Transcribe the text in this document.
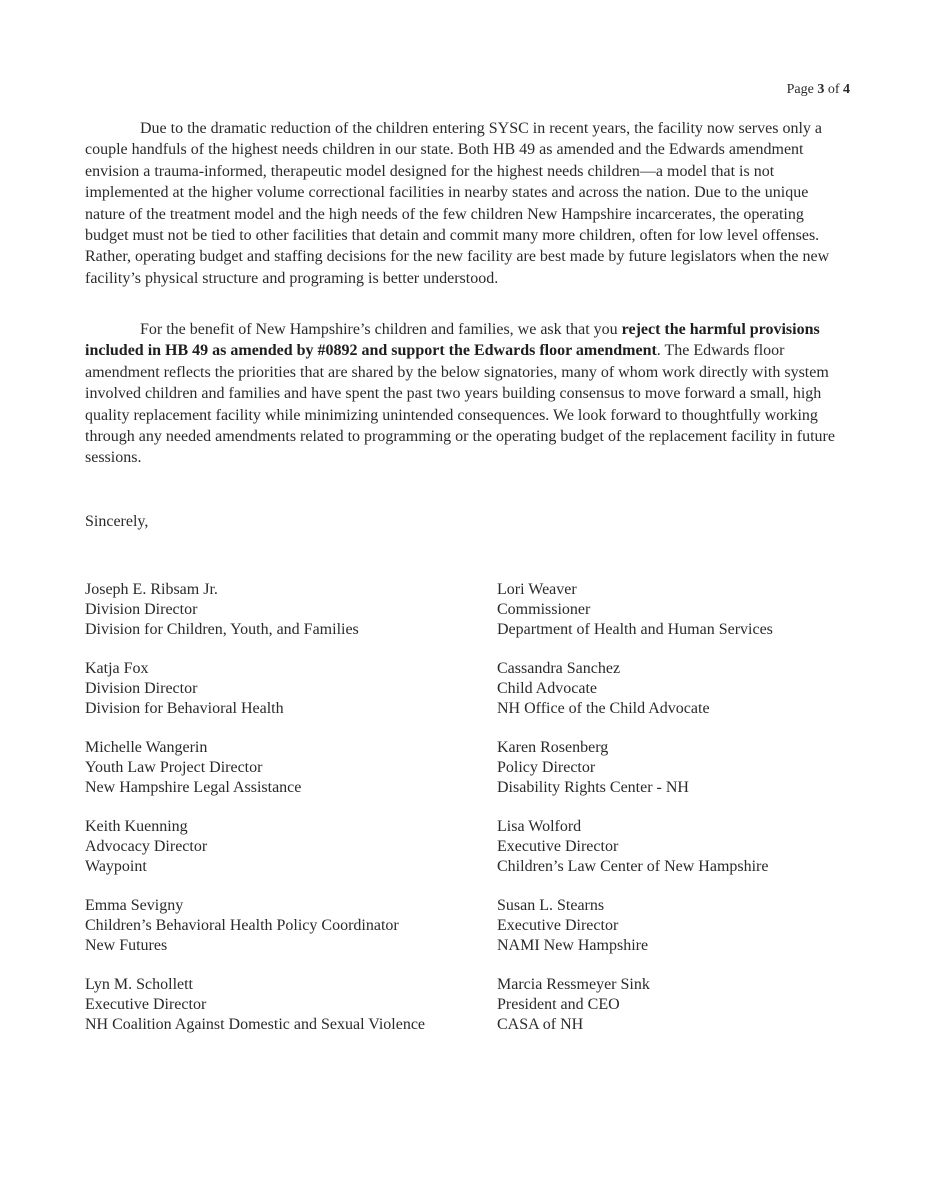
Page 3 of 4

Due to the dramatic reduction of the children entering SYSC in recent years, the facility now serves only a couple handfuls of the highest needs children in our state. Both HB 49 as amended and the Edwards amendment envision a trauma-informed, therapeutic model designed for the highest needs children—a model that is not implemented at the higher volume correctional facilities in nearby states and across the nation. Due to the unique nature of the treatment model and the high needs of the few children New Hampshire incarcerates, the operating budget must not be tied to other facilities that detain and commit many more children, often for low level offenses. Rather, operating budget and staffing decisions for the new facility are best made by future legislators when the new facility’s physical structure and programing is better understood.

For the benefit of New Hampshire’s children and families, we ask that you reject the harmful provisions included in HB 49 as amended by #0892 and support the Edwards floor amendment. The Edwards floor amendment reflects the priorities that are shared by the below signatories, many of whom work directly with system involved children and families and have spent the past two years building consensus to move forward a small, high quality replacement facility while minimizing unintended consequences. We look forward to thoughtfully working through any needed amendments related to programming or the operating budget of the replacement facility in future sessions.

Sincerely,
Joseph E. Ribsam Jr.
Division Director
Division for Children, Youth, and Families
Katja Fox
Division Director
Division for Behavioral Health
Michelle Wangerin
Youth Law Project Director
New Hampshire Legal Assistance
Keith Kuenning
Advocacy Director
Waypoint
Emma Sevigny
Children’s Behavioral Health Policy Coordinator
New Futures
Lyn M. Schollett
Executive Director
NH Coalition Against Domestic and Sexual Violence
Lori Weaver
Commissioner
Department of Health and Human Services
Cassandra Sanchez
Child Advocate
NH Office of the Child Advocate
Karen Rosenberg
Policy Director
Disability Rights Center - NH
Lisa Wolford
Executive Director
Children’s Law Center of New Hampshire
Susan L. Stearns
Executive Director
NAMI New Hampshire
Marcia Ressmeyer Sink
President and CEO
CASA of NH
